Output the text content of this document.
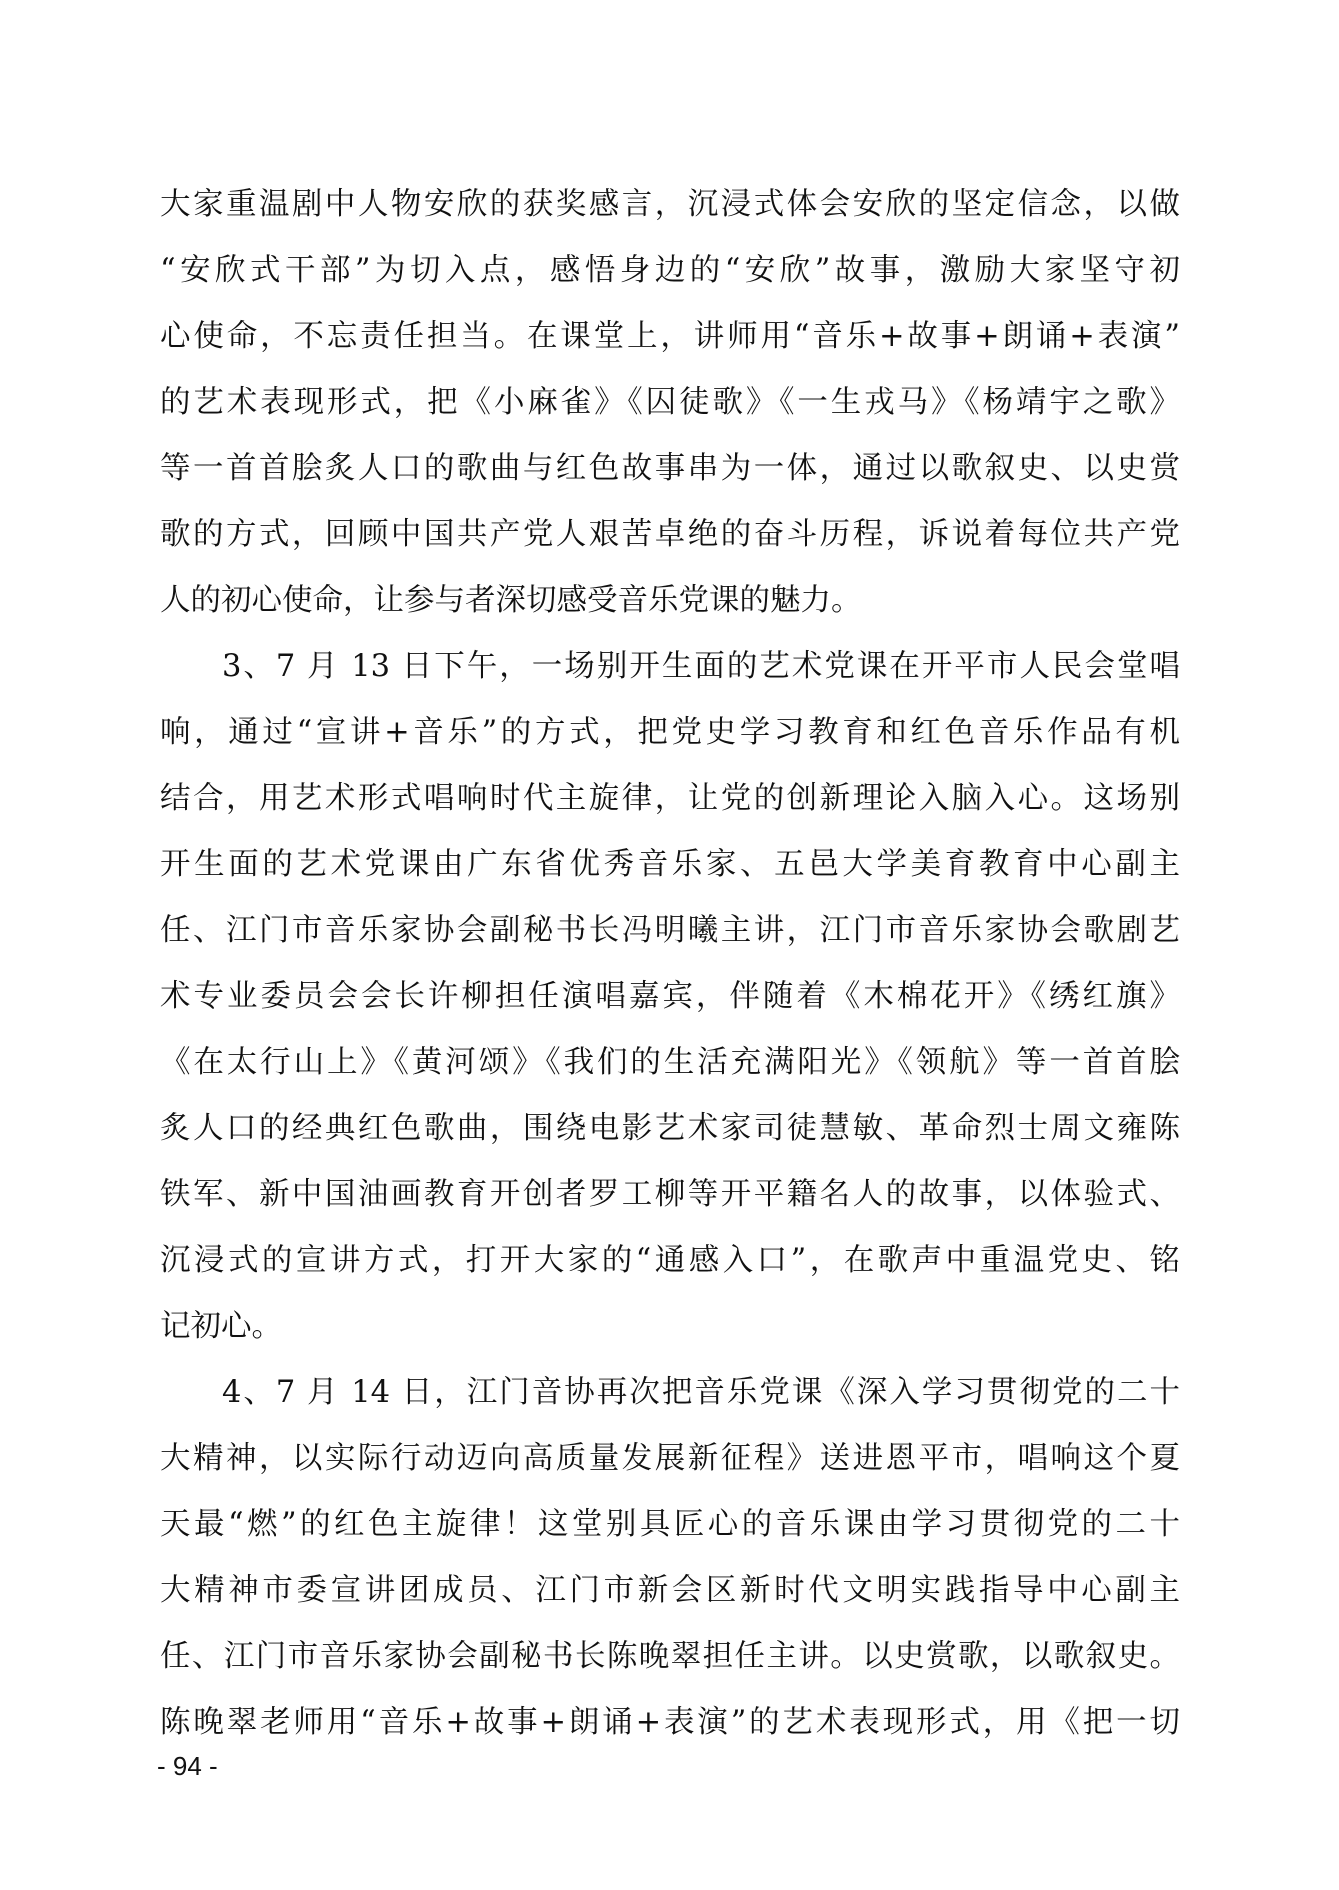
大家重温剧中人物安欣的获奖感言，沉浸式体会安欣的坚定信念，以做
“安欣式干部”为切入点，感悟身边的“安欣”故事，激励大家坚守初
心使命，不忘责任担当。在课堂上，讲师用“音乐+故事+朗诵+表演”
的艺术表现形式，把《小麻雀》《囚徒歌》《一生戎马》《杨靖宇之歌》
等一首首脍炙人口的歌曲与红色故事串为一体，通过以歌叙史、以史赏
歌的方式，回顾中国共产党人艰苦卓绝的奋斗历程，诉说着每位共产党
人的初心使命，让参与者深切感受音乐党课的魅力。
3、7 月 13 日下午，一场别开生面的艺术党课在开平市人民会堂唱
响，通过“宣讲+音乐”的方式，把党史学习教育和红色音乐作品有机
结合，用艺术形式唱响时代主旋律，让党的创新理论入脑入心。这场别
开生面的艺术党课由广东省优秀音乐家、五邑大学美育教育中心副主
任、江门市音乐家协会副秘书长冯明曦主讲，江门市音乐家协会歌剧艺
术专业委员会会长许柳担任演唱嘉宾，伴随着《木棉花开》《绣红旗》
《在太行山上》《黄河颂》《我们的生活充满阳光》《领航》等一首首脍
炙人口的经典红色歌曲，围绕电影艺术家司徒慧敏、革命烈士周文雍陈
铁军、新中国油画教育开创者罗工柳等开平籍名人的故事，以体验式、
沉浸式的宣讲方式，打开大家的“通感入口”，在歌声中重温党史、铭
记初心。
4、7 月 14 日，江门音协再次把音乐党课《深入学习贯彻党的二十
大精神，以实际行动迈向高质量发展新征程》送进恩平市，唱响这个夏
天最“燃”的红色主旋律！这堂别具匠心的音乐课由学习贯彻党的二十
大精神市委宣讲团成员、江门市新会区新时代文明实践指导中心副主
任、江门市音乐家协会副秘书长陈晚翠担任主讲。以史赏歌，以歌叙史。
陈晚翠老师用“音乐+故事+朗诵+表演”的艺术表现形式，用《把一切
- 94 -
